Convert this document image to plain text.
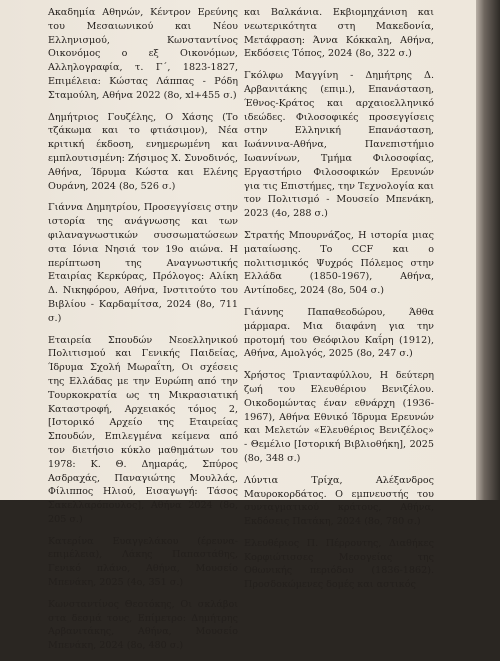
Ακαδημία Αθηνών, Κέντρον Ερεύνης του Μεσαιωνικού και Νέου Ελληνισμού, Κωνσταντίνος Οικονόμος ο εξ Οικονόμων, Αλληλογραφία, τ. Γ΄, 1823-1827, Επιμέλεια: Κώστας Λάππας - Ρόδη Σταμούλη, Αθήνα 2022 (8ο, xl+455 σ.)

Δημήτριος Γουζέλης, Ο Χάσης (Το τζάκωμα και το φτιάσιμον), Νέα κριτική έκδοση, ενημερωμένη και εμπλουτισμένη: Ζήσιμος Χ. Συνοδινός, Αθήνα, Ίδρυμα Κώστα και Ελένης Ουράνη, 2024 (8ο, 526 σ.)

Γιάννα Δημητρίου, Προσεγγίσεις στην ιστορία της ανάγνωσης και των φιλαναγνωστικών συσσωματώσεων στα Ιόνια Νησιά τον 19ο αιώνα. Η περίπτωση της Αναγνωστικής Εταιρίας Κερκύρας, Πρόλογος: Αλίκη Δ. Νικηφόρου, Αθήνα, Ινστιτούτο του Βιβλίου - Καρδαμίτσα, 2024 (8ο, 711 σ.)

Εταιρεία Σπουδών Νεοελληνικού Πολιτισμού και Γενικής Παιδείας, Ίδρυμα Σχολή Μωραΐτη, Οι σχέσεις της Ελλάδας με την Ευρώπη από την Τουρκοκρατία ως τη Μικρασιατική Καταστροφή, Αρχειακός τόμος 2, [Ιστορικό Αρχείο της Εταιρείας Σπουδών, Επιλεγμένα κείμενα από τον διετήσιο κύκλο μαθημάτων του 1978: Κ. Θ. Δημαράς, Σπύρος Ασδραχάς, Παναγιώτης Μουλλάς, Φίλιππος Ηλιού, Εισαγωγή: Τάσος Σακελλαρόπουλος], Αθήνα 2024 (8ο, 205 σ.)

Κατερίνα Ευαγγελάκου (έρευνα-επιμέλεια), Λάκης Παπαστάθης, Γενικό πλάνο, Αθήνα, Μουσείο Μπενάκη, 2025 (4ο, 351 σ.)

Κωνσταντίνος Θεοτόκης, Οι σκλάβοι στα δεσμά τους, Επίμετρο: Δημήτρης Αρβανιτάκης, Αθήνα, Μουσείο Μπενάκη, 2024 (8ο, 480 σ.)

και Βαλκάνια. Εκβιομηχάνιση και νεωτερικότητα στη Μακεδονία, Μετάφραση: Άννα Κόκκαλη, Αθήνα, Εκδόσεις Τόπος, 2024 (8ο, 322 σ.)

Γκόλφω Μαγγίνη - Δημήτρης Δ. Αρβανιτάκης (επιμ.), Επανάσταση, Έθνος-Κράτος και αρχαιοελληνικό ιδεώδες. Φιλοσοφικές προσεγγίσεις στην Ελληνική Επανάσταση, Ιωάννινα-Αθήνα, Πανεπιστήμιο Ιωαννίνων, Τμήμα Φιλοσοφίας, Εργαστήριο Φιλοσοφικών Ερευνών για τις Επιστήμες, την Τεχνολογία και τον Πολιτισμό - Μουσείο Μπενάκη, 2023 (4ο, 288 σ.)

Στρατής Μπουρνάζος, Η ιστορία μιας ματαίωσης. Το CCF και ο πολιτισμικός Ψυχρός Πόλεμος στην Ελλάδα (1850-1967), Αθήνα, Αντίποδες, 2024 (8ο, 504 σ.)

Γιάννης Παπαθεοδώρου, Άθθα μάρμαρα. Μια διαφάνη για την προτομή του Θεόφιλου Καΐρη (1912), Αθήνα, Αμολγός, 2025 (8ο, 247 σ.)

Χρήστος Τριανταφύλλου, Η δεύτερη ζωή του Ελευθέριου Βενιζέλου. Οικοδομώντας έναν εθνάρχη (1936-1967), Αθήνα Εθνικό Ίδρυμα Ερευνών και Μελετών «Ελευθέριος Βενιζέλος» - Θεμέλιο [Ιστορική Βιβλιοθήκη], 2025 (8ο, 348 σ.)

Λύντια Τρίχα, Αλέξανδρος Μαυροκορδάτος. Ο εμπνευστής του συνταγματικού κράτους, Αθήνα, Εκδόσεις Πατάκη, 2024 (8ο, 780 σ.)

Ελευθέριος Π. Πέρρουτης, Διαθήκες Κορφιώτισσες Μεσογείας της Οθωνικής περιόδου (1836-1862). Προσδοκώμενες δομές και αστικός
